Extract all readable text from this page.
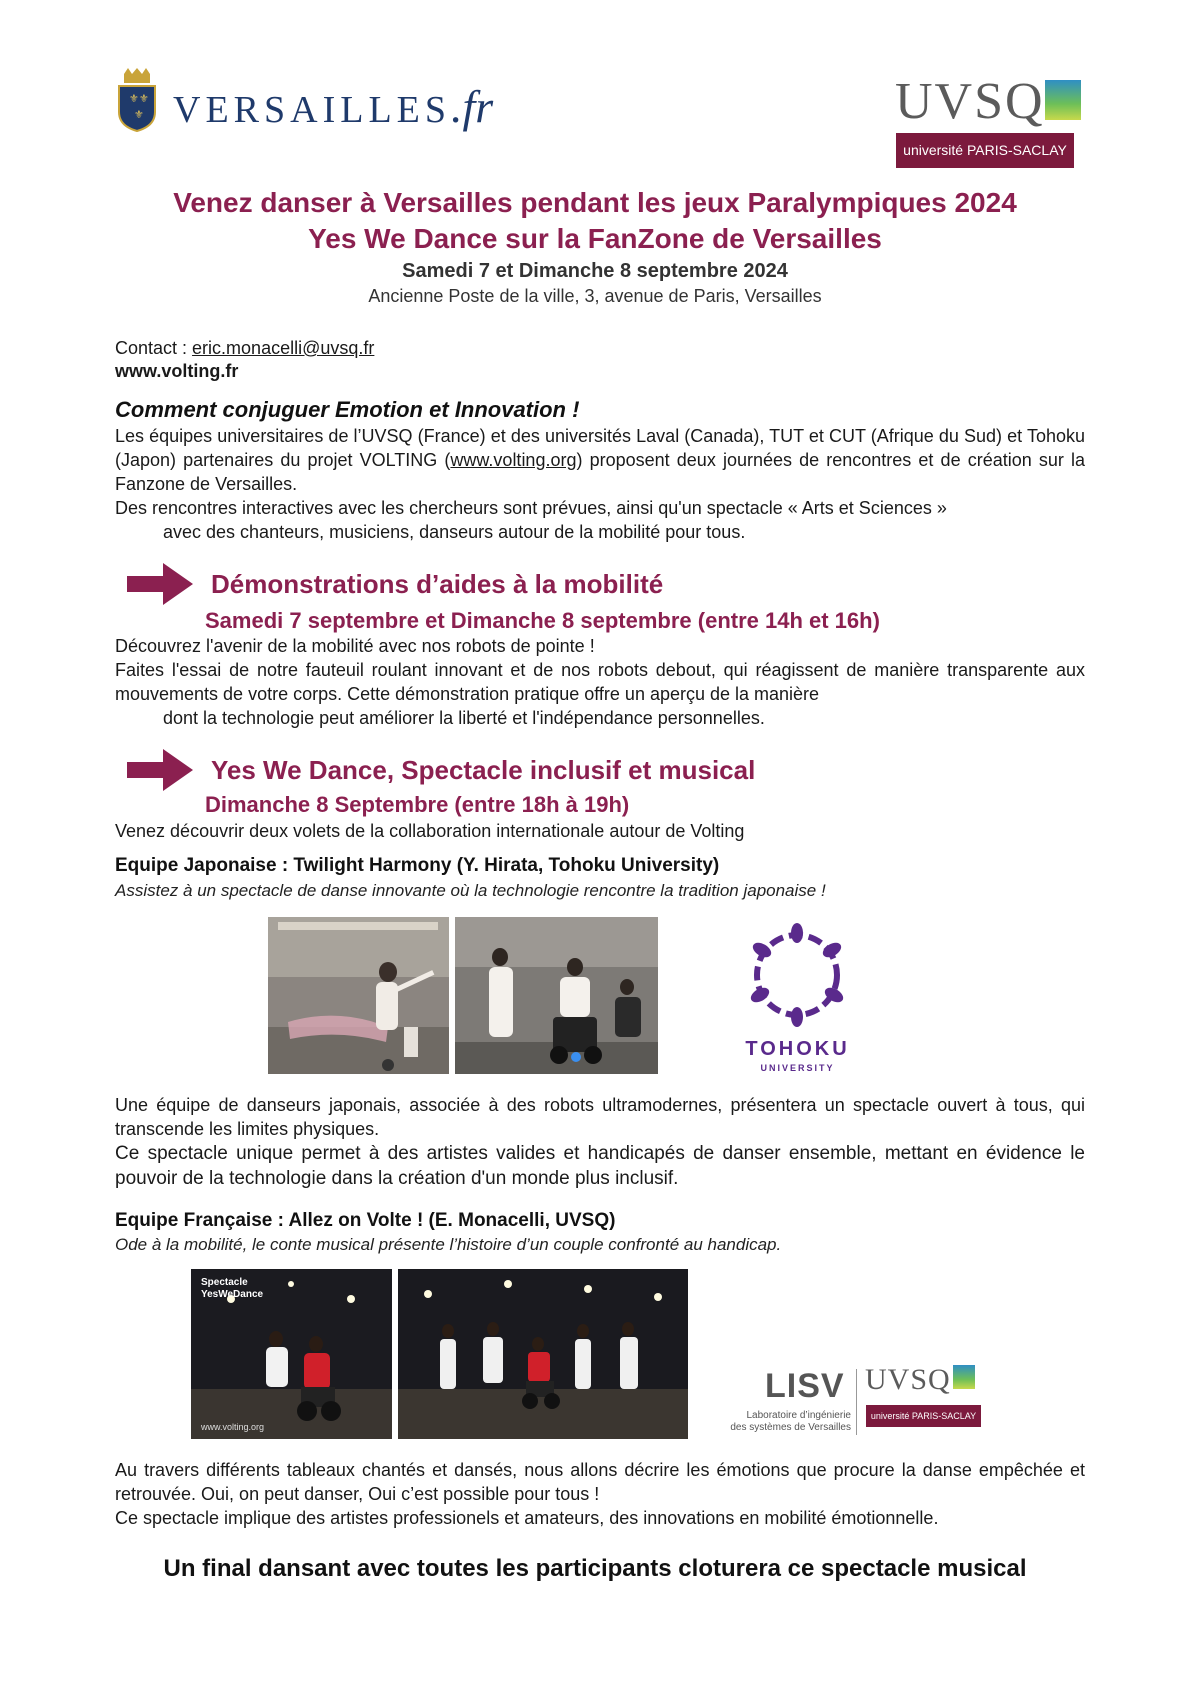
⚜ ⚜
⚜ VERSAILLES.fr	UVSQ
université PARIS-SACLAY
Venez danser à Versailles pendant les jeux Paralympiques 2024
Yes We Dance sur la FanZone de Versailles
Samedi 7 et Dimanche 8 septembre 2024
Ancienne Poste de la ville, 3, avenue de Paris, Versailles
Contact : eric.monacelli@uvsq.fr
www.volting.fr
Comment conjuguer Emotion et Innovation !
Les équipes universitaires de l’UVSQ (France) et des universités Laval (Canada), TUT et CUT (Afrique du Sud) et Tohoku (Japon) partenaires du projet VOLTING (www.volting.org) proposent deux journées de rencontres et de création sur la Fanzone de Versailles.
Des rencontres interactives avec les chercheurs sont prévues, ainsi qu'un spectacle « Arts et Sciences »
avec des chanteurs, musiciens, danseurs autour de la mobilité pour tous.
Démonstrations d’aides à la mobilité
Samedi 7 septembre et Dimanche 8 septembre (entre 14h et 16h)
Découvrez l'avenir de la mobilité avec nos robots de pointe !
Faites l'essai de notre fauteuil roulant innovant et de nos robots debout, qui réagissent de manière transparente aux mouvements de votre corps. Cette démonstration pratique offre un aperçu de la manière
dont la technologie peut améliorer la liberté et l'indépendance personnelles.
Yes We Dance, Spectacle inclusif et musical
Dimanche 8 Septembre (entre 18h à 19h)
Venez découvrir deux volets de la collaboration internationale autour de Volting
Equipe Japonaise : Twilight Harmony (Y. Hirata, Tohoku University)
Assistez à un spectacle de danse innovante où la technologie rencontre la tradition japonaise !
TOHOKU
UNIVERSITY
Une équipe de danseurs japonais, associée à des robots ultramodernes, présentera un spectacle ouvert à tous, qui transcende les limites physiques.
Ce spectacle unique permet à des artistes valides et handicapés de danser ensemble, mettant en évidence le pouvoir de la technologie dans la création d'un monde plus inclusif.
Equipe Française : Allez on Volte ! (E. Monacelli, UVSQ)
Ode à la mobilité, le conte musical présente l’histoire d’un couple confronté au handicap.
Spectacle
YesWeDance
www.volting.org
LISV
Laboratoire d’ingénierie
des systèmes de Versailles
UVSQ
université PARIS-SACLAY
Au travers différents tableaux chantés et dansés, nous allons décrire les émotions que procure la danse empêchée et retrouvée. Oui, on peut danser, Oui c’est possible pour tous !
Ce spectacle implique des artistes professionels et amateurs, des innovations en mobilité émotionnelle.
Un final dansant avec toutes les participants cloturera ce spectacle musical
